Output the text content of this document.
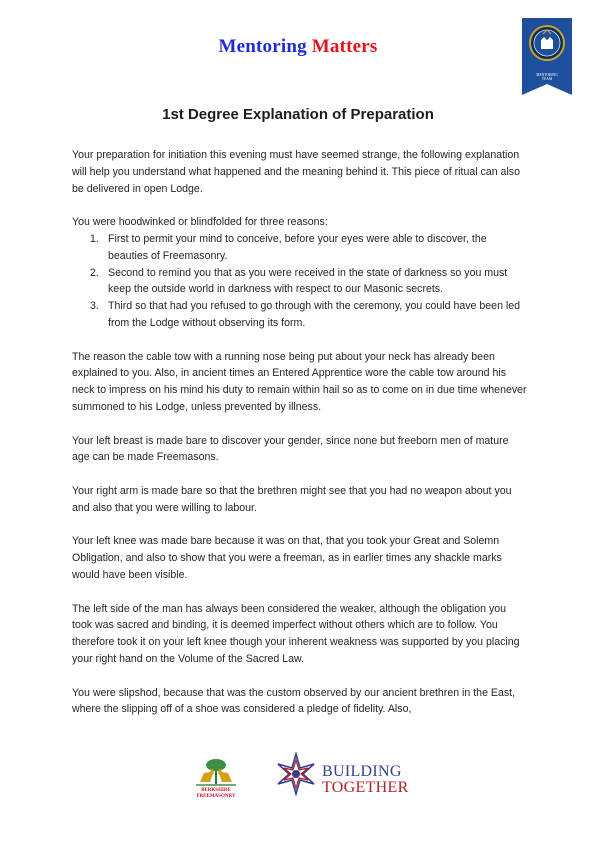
Mentoring Matters
MENTORING
TEAM
1st Degree Explanation of Preparation

Your preparation for initiation this evening must have seemed strange, the following explanation will help you understand what happened and the meaning behind it. This piece of ritual can also be delivered in open Lodge.

You were hoodwinked or blindfolded for three reasons:

1. First to permit your mind to conceive, before your eyes were able to discover, the beauties of Freemasonry.
2. Second to remind you that as you were received in the state of darkness so you must keep the outside world in darkness with respect to our Masonic secrets.
3. Third so that had you refused to go through with the ceremony, you could have been led from the Lodge without observing its form.

The reason the cable tow with a running nose being put about your neck has already been explained to you. Also, in ancient times an Entered Apprentice wore the cable tow around his neck to impress on his mind his duty to remain within hail so as to come on in due time whenever summoned to his Lodge, unless prevented by illness.

Your left breast is made bare to discover your gender, since none but freeborn men of mature age can be made Freemasons.

Your right arm is made bare so that the brethren might see that you had no weapon about you and also that you were willing to labour.

Your left knee was made bare because it was on that, that you took your Great and Solemn Obligation, and also to show that you were a freeman, as in earlier times any shackle marks would have been visible.

The left side of the man has always been considered the weaker, although the obligation you took was sacred and binding, it is deemed imperfect without others which are to follow. You therefore took it on your left knee though your inherent weakness was supported by you placing your right hand on the Volume of the Sacred Law.

You were slipshod, because that was the custom observed by our ancient brethren in the East, where the slipping off of a shoe was considered a pledge of fidelity. Also,

BERKSHIRE
FREEMASONRY
BUILDING
TOGETHER
